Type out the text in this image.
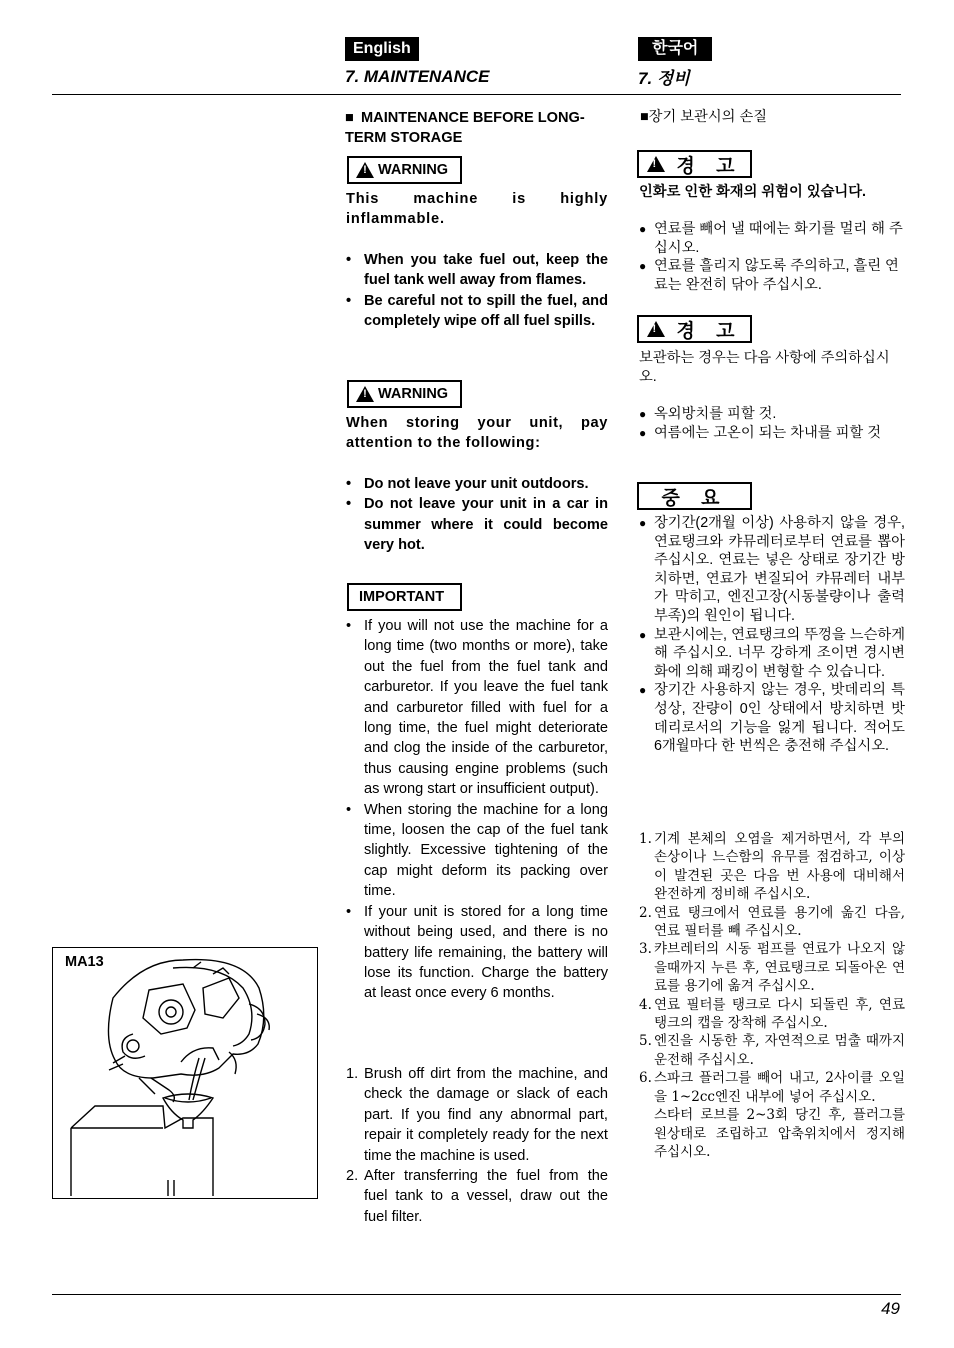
English	한국어
7. MAINTENANCE	7. 정비
■ MAINTENANCE BEFORE LONG-TERM STORAGE
! WARNING
This machine is highly inflammable.
• When you take fuel out, keep the fuel tank well away from flames.
• Be careful not to spill the fuel, and completely wipe off all fuel spills.
! WARNING
When storing your unit, pay attention to the following:
• Do not leave your unit outdoors.
• Do not leave your unit in a car in summer where it could become very hot.
IMPORTANT
• If you will not use the machine for a long time (two months or more), take out the fuel from the fuel tank and carburetor. If you leave the fuel tank and carburetor filled with fuel for a long time, the fuel might deteriorate and clog the inside of the carburetor, thus causing engine problems (such as wrong start or insufficient output).
• When storing the machine for a long time, loosen the cap of the fuel tank slightly. Excessive tightening of the cap might deform its packing over time.
• If your unit is stored for a long time without being used, and there is no battery life remaining, the battery will lose its function. Charge the battery at least once every 6 months.
1. Brush off dirt from the machine, and check the damage or slack of each part. If you find any abnormal part, repair it completely ready for the next time the machine is used.
2. After transferring the fuel from the fuel tank to a vessel, draw out the fuel filter.
MA13
■장기 보관시의 손질
! 경 고
인화로 인한 화재의 위험이 있습니다.
● 연료를 빼어 낼 때에는 화기를 멀리 해 주십시오.
● 연료를 흘리지 않도록 주의하고, 흘린 연료는 완전히 닦아 주십시오.
! 경 고
보관하는 경우는 다음 사항에 주의하십시오.
● 옥외방치를 피할 것.
● 여름에는 고온이 되는 차내를 피할 것
중 요
● 장기간(2개월 이상) 사용하지 않을 경우, 연료탱크와 캬뮤레터로부터 연료를 뽑아 주십시오. 연료는 넣은 상태로 장기간 방치하면, 연료가 변질되어 캬뮤레터 내부가 막히고, 엔진고장(시동불량이나 출력부족)의 원인이 됩니다.
● 보관시에는, 연료탱크의 뚜껑을 느슨하게 해 주십시오. 너무 강하게 조이면 경시변화에 의해 패킹이 변형할 수 있습니다.
● 장기간 사용하지 않는 경우, 밧데리의 특성상, 잔량이 0인 상태에서 방치하면 밧데리로서의 기능을 잃게 됩니다. 적어도 6개월마다 한 번씩은 충전해 주십시오.
1. 기계 본체의 오염을 제거하면서, 각 부의 손상이나 느슨함의 유무를 점검하고, 이상이 발견된 곳은 다음 번 사용에 대비해서 완전하게 정비해 주십시오.
2. 연료 탱크에서 연료를 용기에 옮긴 다음, 연료 필터를 빼 주십시오.
3. 캬브레터의 시동 펌프를 연료가 나오지 않을때까지 누른 후, 연료탱크로 되돌아온 연료를 용기에 옮겨 주십시오.
4. 연료 필터를 탱크로 다시 되돌린 후, 연료탱크의 캡을 장착해 주십시오.
5. 엔진을 시동한 후, 자연적으로 멈출 때까지 운전해 주십시오.
6. 스파크 플러그를 빼어 내고, 2사이클 오일을 1~2cc엔진 내부에 넣어 주십시오.
스타터 로브를 2~3회 당긴 후, 플러그를 원상태로 조립하고 압축위치에서 정지해 주십시오.
49
